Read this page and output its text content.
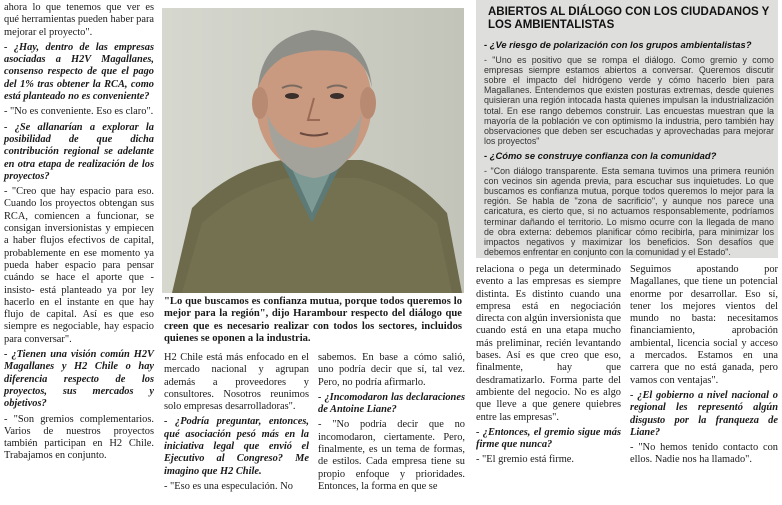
ahora lo que tenemos que ver es qué herramientas pueden haber para mejorar el proyecto".

- ¿Hay, dentro de las empresas asociadas a H2V Magallanes, consenso respecto de que el pago del 1% tras obtener la RCA, como está planteado no es conveniente?

- "No es conveniente. Eso es claro".

- ¿Se allanarían a explorar la posibilidad de que dicha contribución regional se adelante en otra etapa de realización de los proyectos?

- "Creo que hay espacio para eso. Cuando los proyectos obtengan sus RCA, comiencen a funcionar, se consigan inversionistas y empiecen a haber flujos efectivos de capital, probablemente en ese momento ya pueda haber espacio para pensar cuándo se hace el aporte que -insisto- está planteado ya por ley hacerlo en el instante en que hay flujo de capital. Así es que eso siempre es negociable, hay espacio para conversar".

- ¿Tienen una visión común H2V Magallanes y H2 Chile o hay diferencia respecto de los proyectos, sus mercados y objetivos?

- "Son gremios complementarios. Varios de nuestros proyectos también participan en H2 Chile. Trabajamos en conjunto.

"Lo que buscamos es confianza mutua, porque todos queremos lo mejor para la región", dijo Harambour respecto del diálogo que creen que es necesario realizar con todos los sectores, incluidos quienes se oponen a la industria.

H2 Chile está más enfocado en el mercado nacional y agrupan además a proveedores y consultores. Nosotros reunimos solo empresas desarrolladoras".

- ¿Podría preguntar, entonces, qué asociación pesó más en la iniciativa legal que envió el Ejecutivo al Congreso? Me imagino que H2 Chile.

- "Eso es una especulación. No

sabemos. En base a cómo salió, uno podría decir que sí, tal vez. Pero, no podría afirmarlo.

- ¿Incomodaron las declaraciones de Antoine Liane?

- "No podría decir que no incomodaron, ciertamente. Pero, finalmente, es un tema de formas, de estilos. Cada empresa tiene su propio enfoque y prioridades. Entonces, la forma en que se

ABIERTOS AL DIÁLOGO CON LOS CIUDADANOS Y LOS AMBIENTALISTAS

- ¿Ve riesgo de polarización con los grupos ambientalistas?

- "Uno es positivo que se rompa el diálogo. Como gremio y como empresas siempre estamos abiertos a conversar. Queremos discutir sobre el impacto del hidrógeno verde y cómo hacerlo bien para Magallanes. Entendemos que existen posturas extremas, desde quienes quisieran una región intocada hasta quienes impulsan la industrialización total. En ese rango debemos construir. Las encuestas muestran que la mayoría de la población ve con optimismo la industria, pero también hay observaciones que deben ser escuchadas y aprovechadas para mejorar los proyectos"

- ¿Cómo se construye confianza con la comunidad?

- "Con diálogo transparente. Esta semana tuvimos una primera reunión con vecinos sin agenda previa, para escuchar sus inquietudes. Lo que buscamos es confianza mutua, porque todos queremos lo mejor para la región. Se habla de "zona de sacrificio", y aunque nos parece una caricatura, es cierto que, si no actuamos responsablemente, podríamos terminar dañando el territorio. Lo mismo ocurre con la llegada de mano de obra externa: debemos planificar cómo recibirla, para minimizar los impactos negativos y maximizar los beneficios. Son desafíos que debemos enfrentar en conjunto con la comunidad y el Estado".

relaciona o pega un determinado evento a las empresas es siempre distinta. Es distinto cuando una empresa está en negociación directa con algún inversionista que cuando está en una etapa mucho más preliminar, recién levantando bases. Así es que creo que eso, finalmente, hay que desdramatizarlo. Forma parte del ambiente del negocio. No es algo que lleve a que genere quiebres entre las empresas".

- ¿Entonces, el gremio sigue más firme que nunca?

- "El gremio está firme.

Seguimos apostando por Magallanes, que tiene un potencial enorme por desarrollar. Eso sí, tener los mejores vientos del mundo no basta: necesitamos financiamiento, aprobación ambiental, licencia social y acceso a mercados. Estamos en una carrera que no está ganada, pero vamos con ventajas".

- ¿El gobierno a nivel nacional o regional les representó algún disgusto por la franqueza de Liane?

- "No hemos tenido contacto con ellos. Nadie nos ha llamado".
